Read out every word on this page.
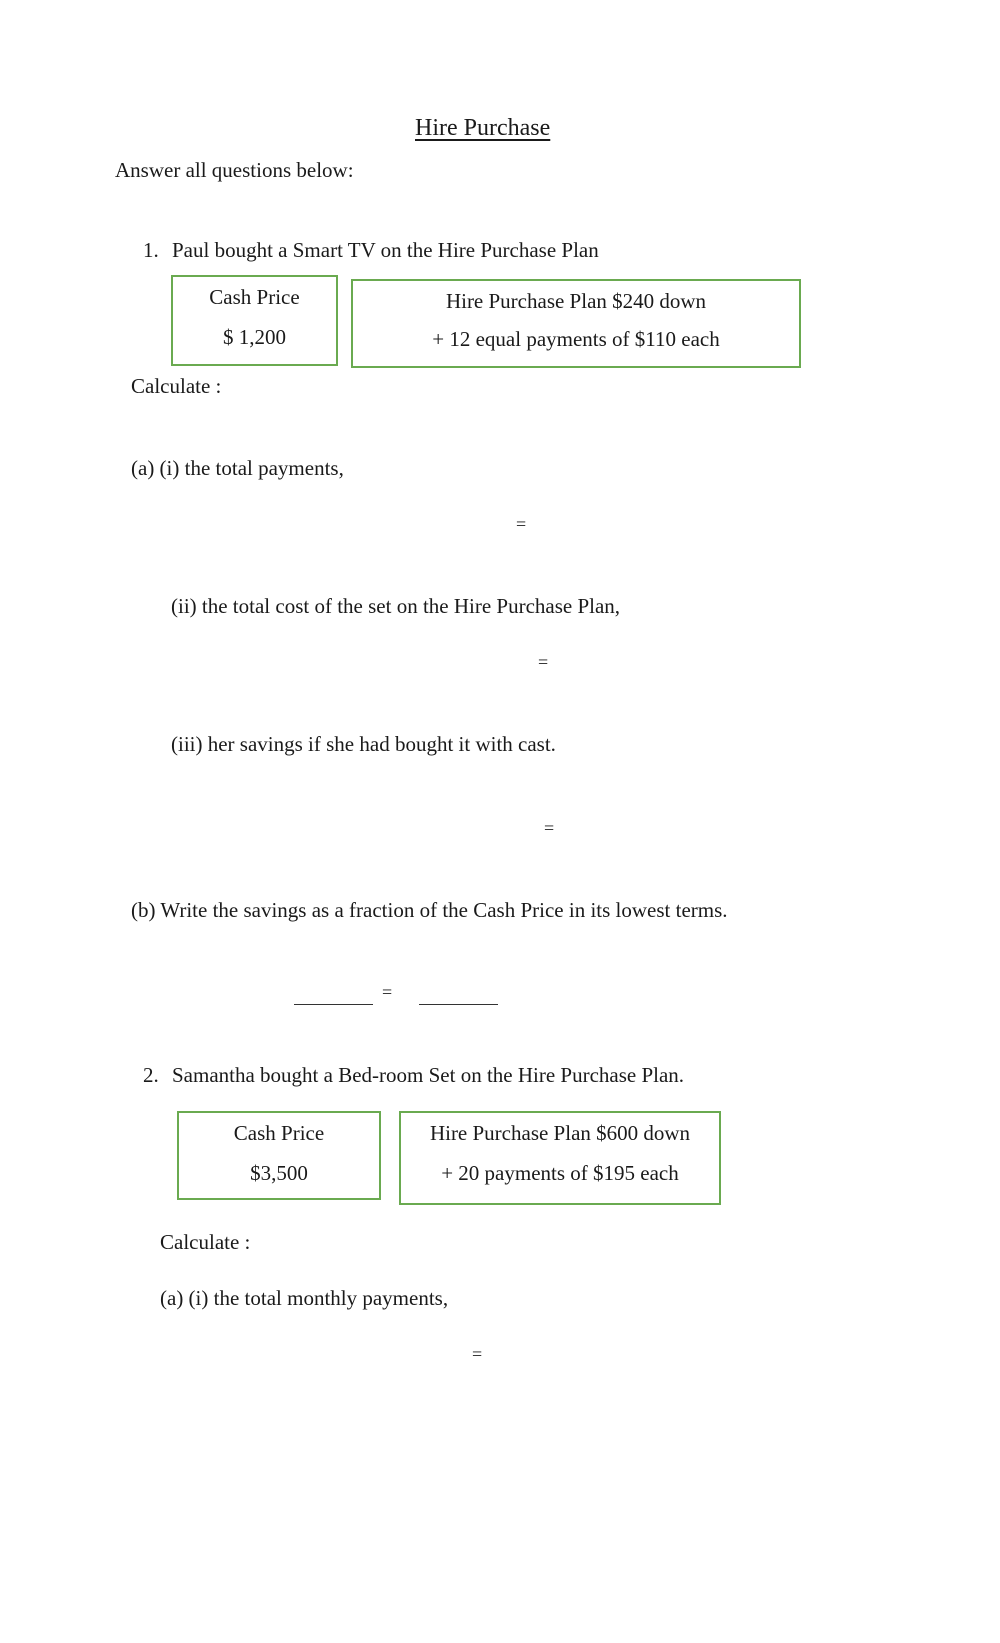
Hire Purchase
Answer all questions below:
1. Paul bought a Smart TV on the Hire Purchase Plan
Cash Price
$ 1,200
Hire Purchase Plan $240 down
+ 12 equal payments of $110 each
Calculate :
(a) (i) the total payments,
=
(ii) the total cost of the set on the Hire Purchase Plan,
=
(iii) her savings if she had bought it with cast.
=
(b) Write the savings as a fraction of the Cash Price in its lowest terms.
=
2. Samantha bought a Bed-room Set on the Hire Purchase Plan.
Cash Price
$3,500
Hire Purchase Plan $600 down
+ 20 payments of $195 each
Calculate :
(a) (i) the total monthly payments,
=
